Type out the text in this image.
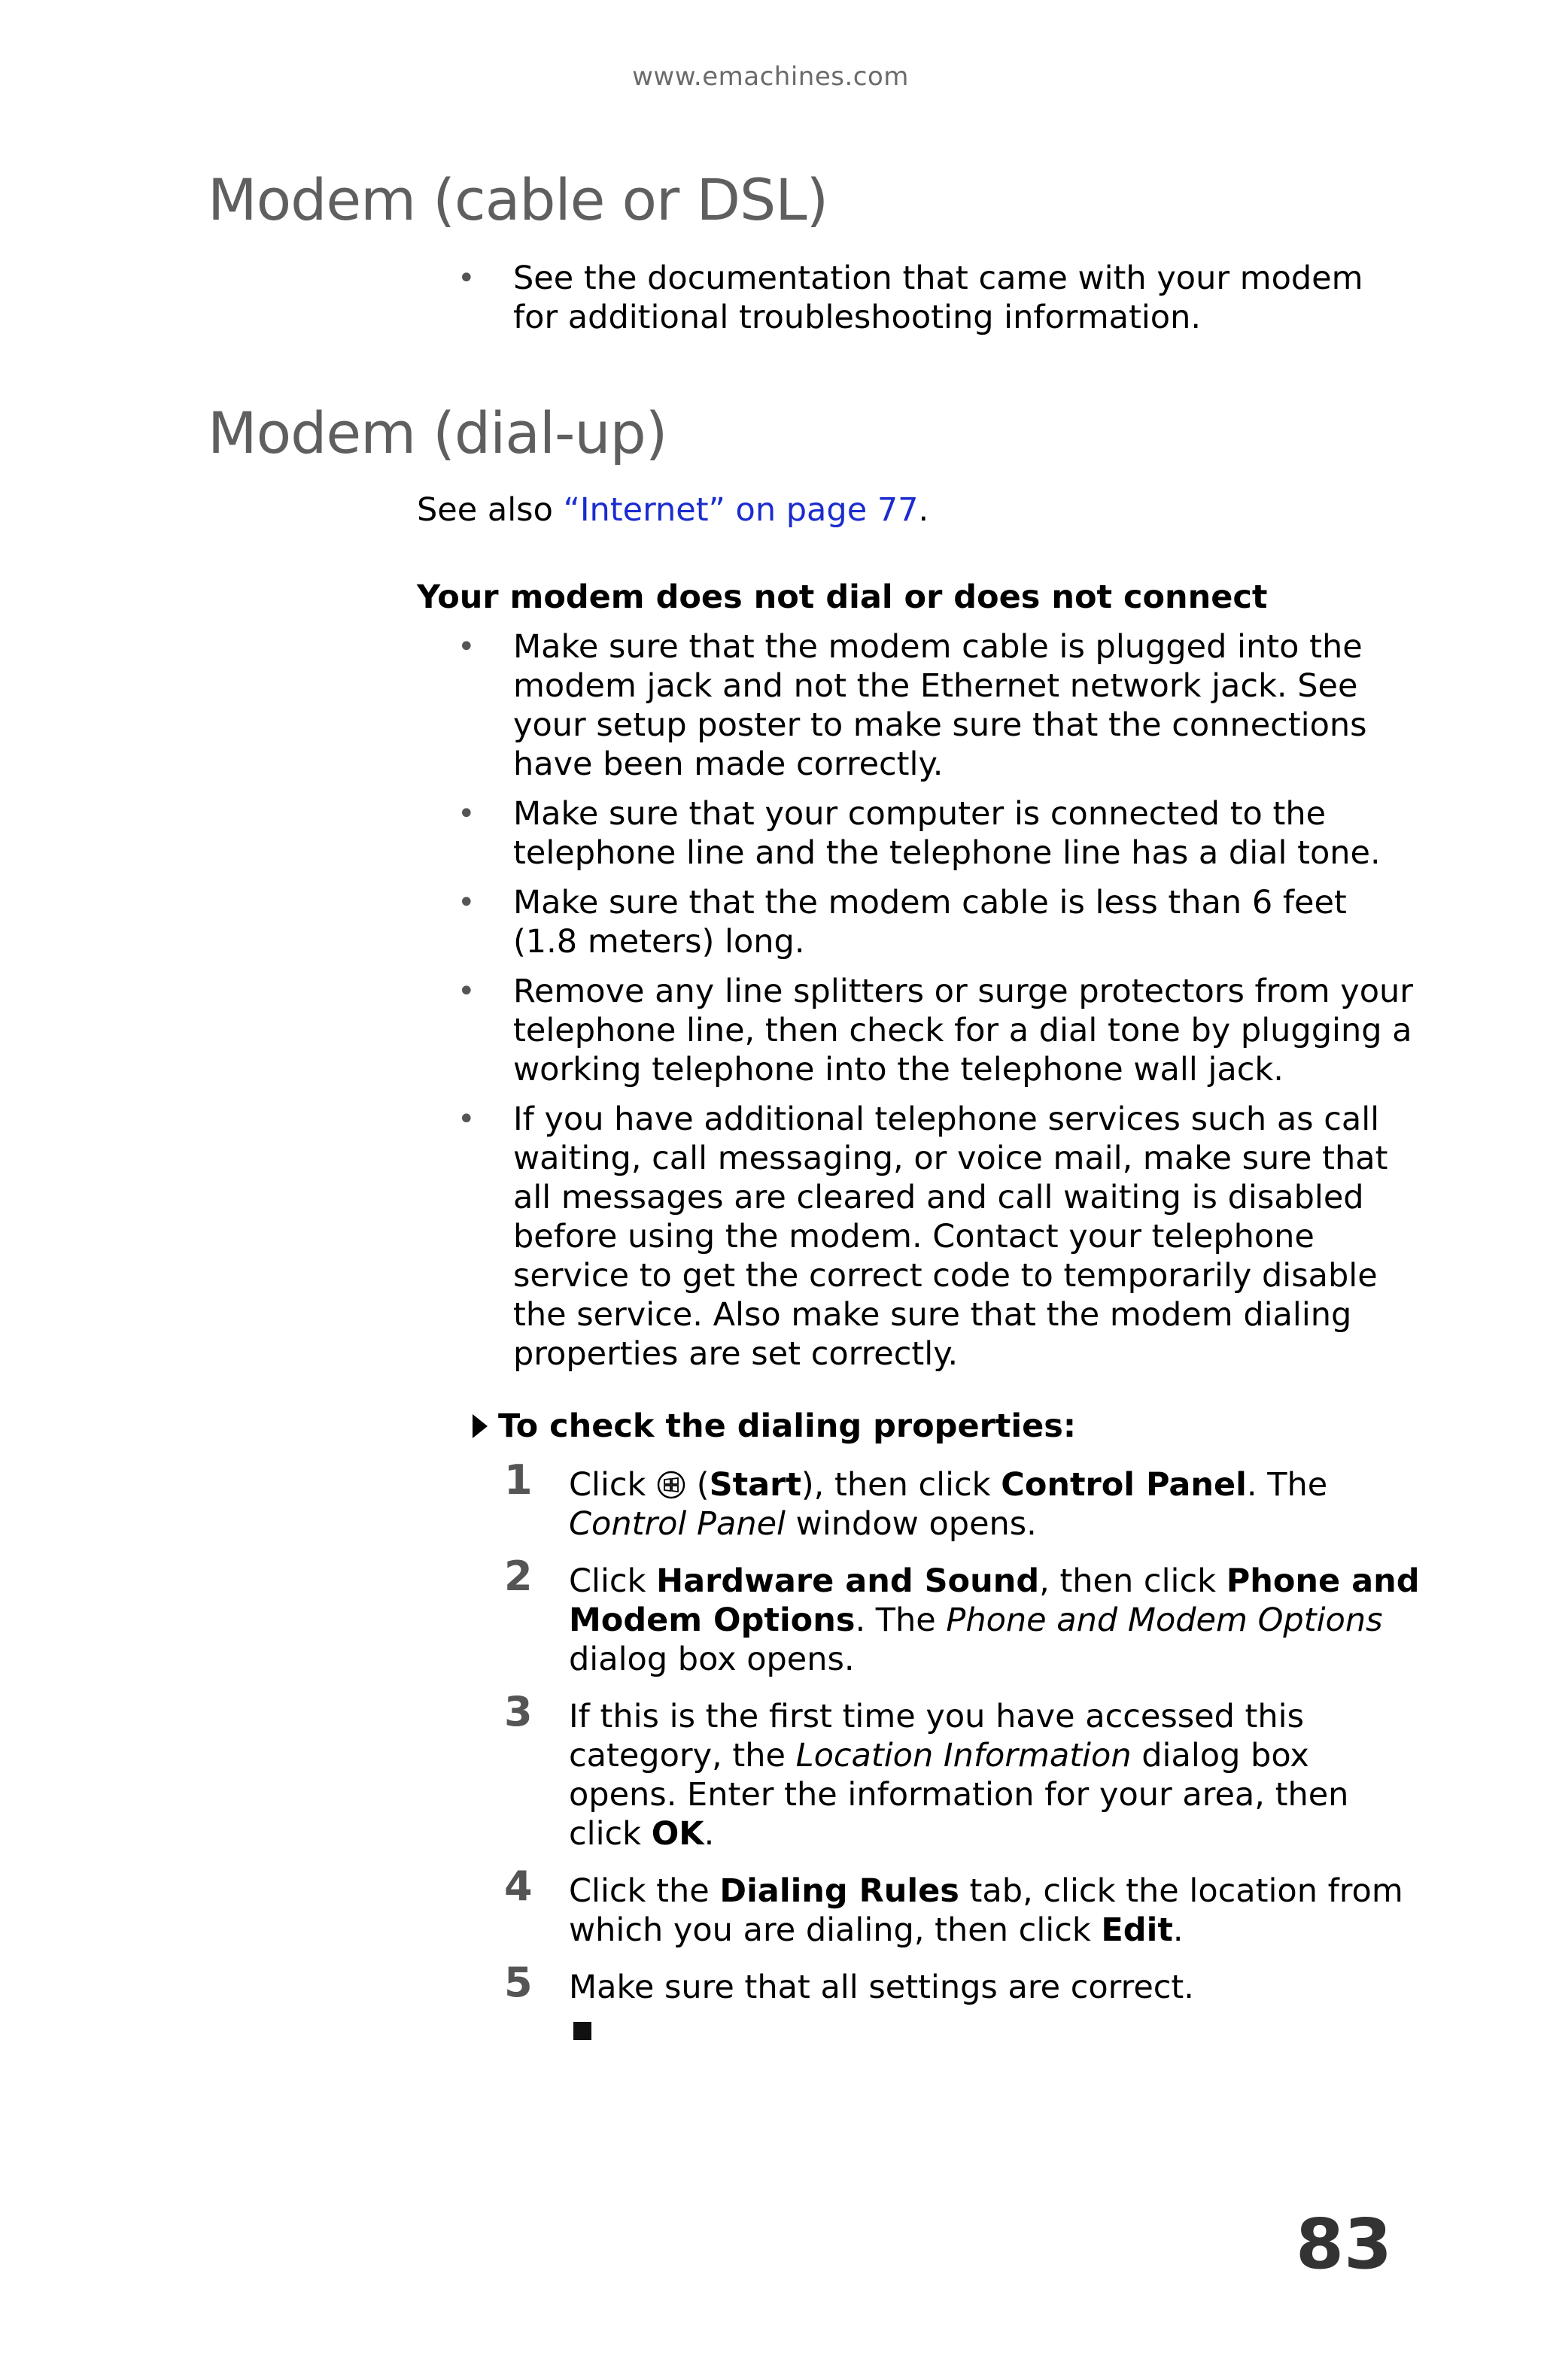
www.emachines.com
Modem (cable or DSL)
• See the documentation that came with your modem for additional troubleshooting information.
Modem (dial-up)
See also “Internet” on page 77.
Your modem does not dial or does not connect
• Make sure that the modem cable is plugged into the modem jack and not the Ethernet network jack. See your setup poster to make sure that the connections have been made correctly.
• Make sure that your computer is connected to the telephone line and the telephone line has a dial tone.
• Make sure that the modem cable is less than 6 feet (1.8 meters) long.
• Remove any line splitters or surge protectors from your telephone line, then check for a dial tone by plugging a working telephone into the telephone wall jack.
• If you have additional telephone services such as call waiting, call messaging, or voice mail, make sure that all messages are cleared and call waiting is disabled before using the modem. Contact your telephone service to get the correct code to temporarily disable the service. Also make sure that the modem dialing properties are set correctly.
To check the dialing properties:
1 Click  (Start), then click Control Panel. The Control Panel window opens.
2 Click Hardware and Sound, then click Phone and Modem Options. The Phone and Modem Options dialog box opens.
3 If this is the first time you have accessed this category, the Location Information dialog box opens. Enter the information for your area, then click OK.
4 Click the Dialing Rules tab, click the location from which you are dialing, then click Edit.
5 Make sure that all settings are correct.
83
